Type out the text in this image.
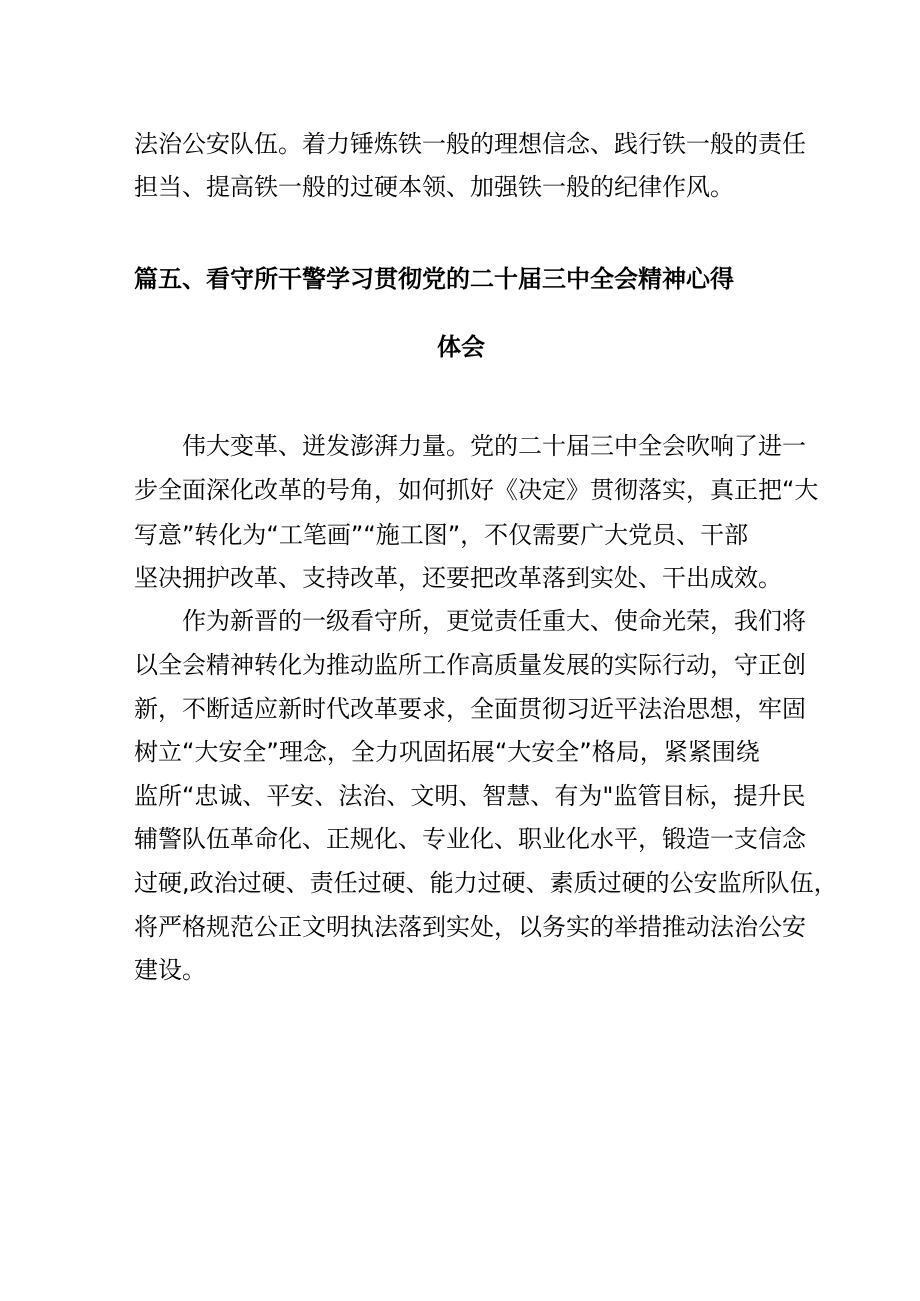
法治公安队伍。着力锤炼铁一般的理想信念、践行铁一般的责任
担当、提高铁一般的过硬本领、加强铁一般的纪律作风。
篇五、看守所干警学习贯彻党的二十届三中全会精神心得
体会
伟大变革、迸发澎湃力量。党的二十届三中全会吹响了进一
步全面深化改革的号角，如何抓好《决定》贯彻落实，真正把“大
写意”转化为“工笔画”“施工图”，不仅需要广大党员、干部
坚决拥护改革、支持改革，还要把改革落到实处、干出成效。
作为新晋的一级看守所，更觉责任重大、使命光荣，我们将
以全会精神转化为推动监所工作高质量发展的实际行动，守正创
新，不断适应新时代改革要求，全面贯彻习近平法治思想，牢固
树立“大安全”理念，全力巩固拓展“大安全”格局，紧紧围绕
监所“忠诚、平安、法治、文明、智慧、有为"监管目标，提升民
辅警队伍革命化、正规化、专业化、职业化水平，锻造一支信念
过硬,政治过硬、责任过硬、能力过硬、素质过硬的公安监所队伍，
将严格规范公正文明执法落到实处，以务实的举措推动法治公安
建设。
